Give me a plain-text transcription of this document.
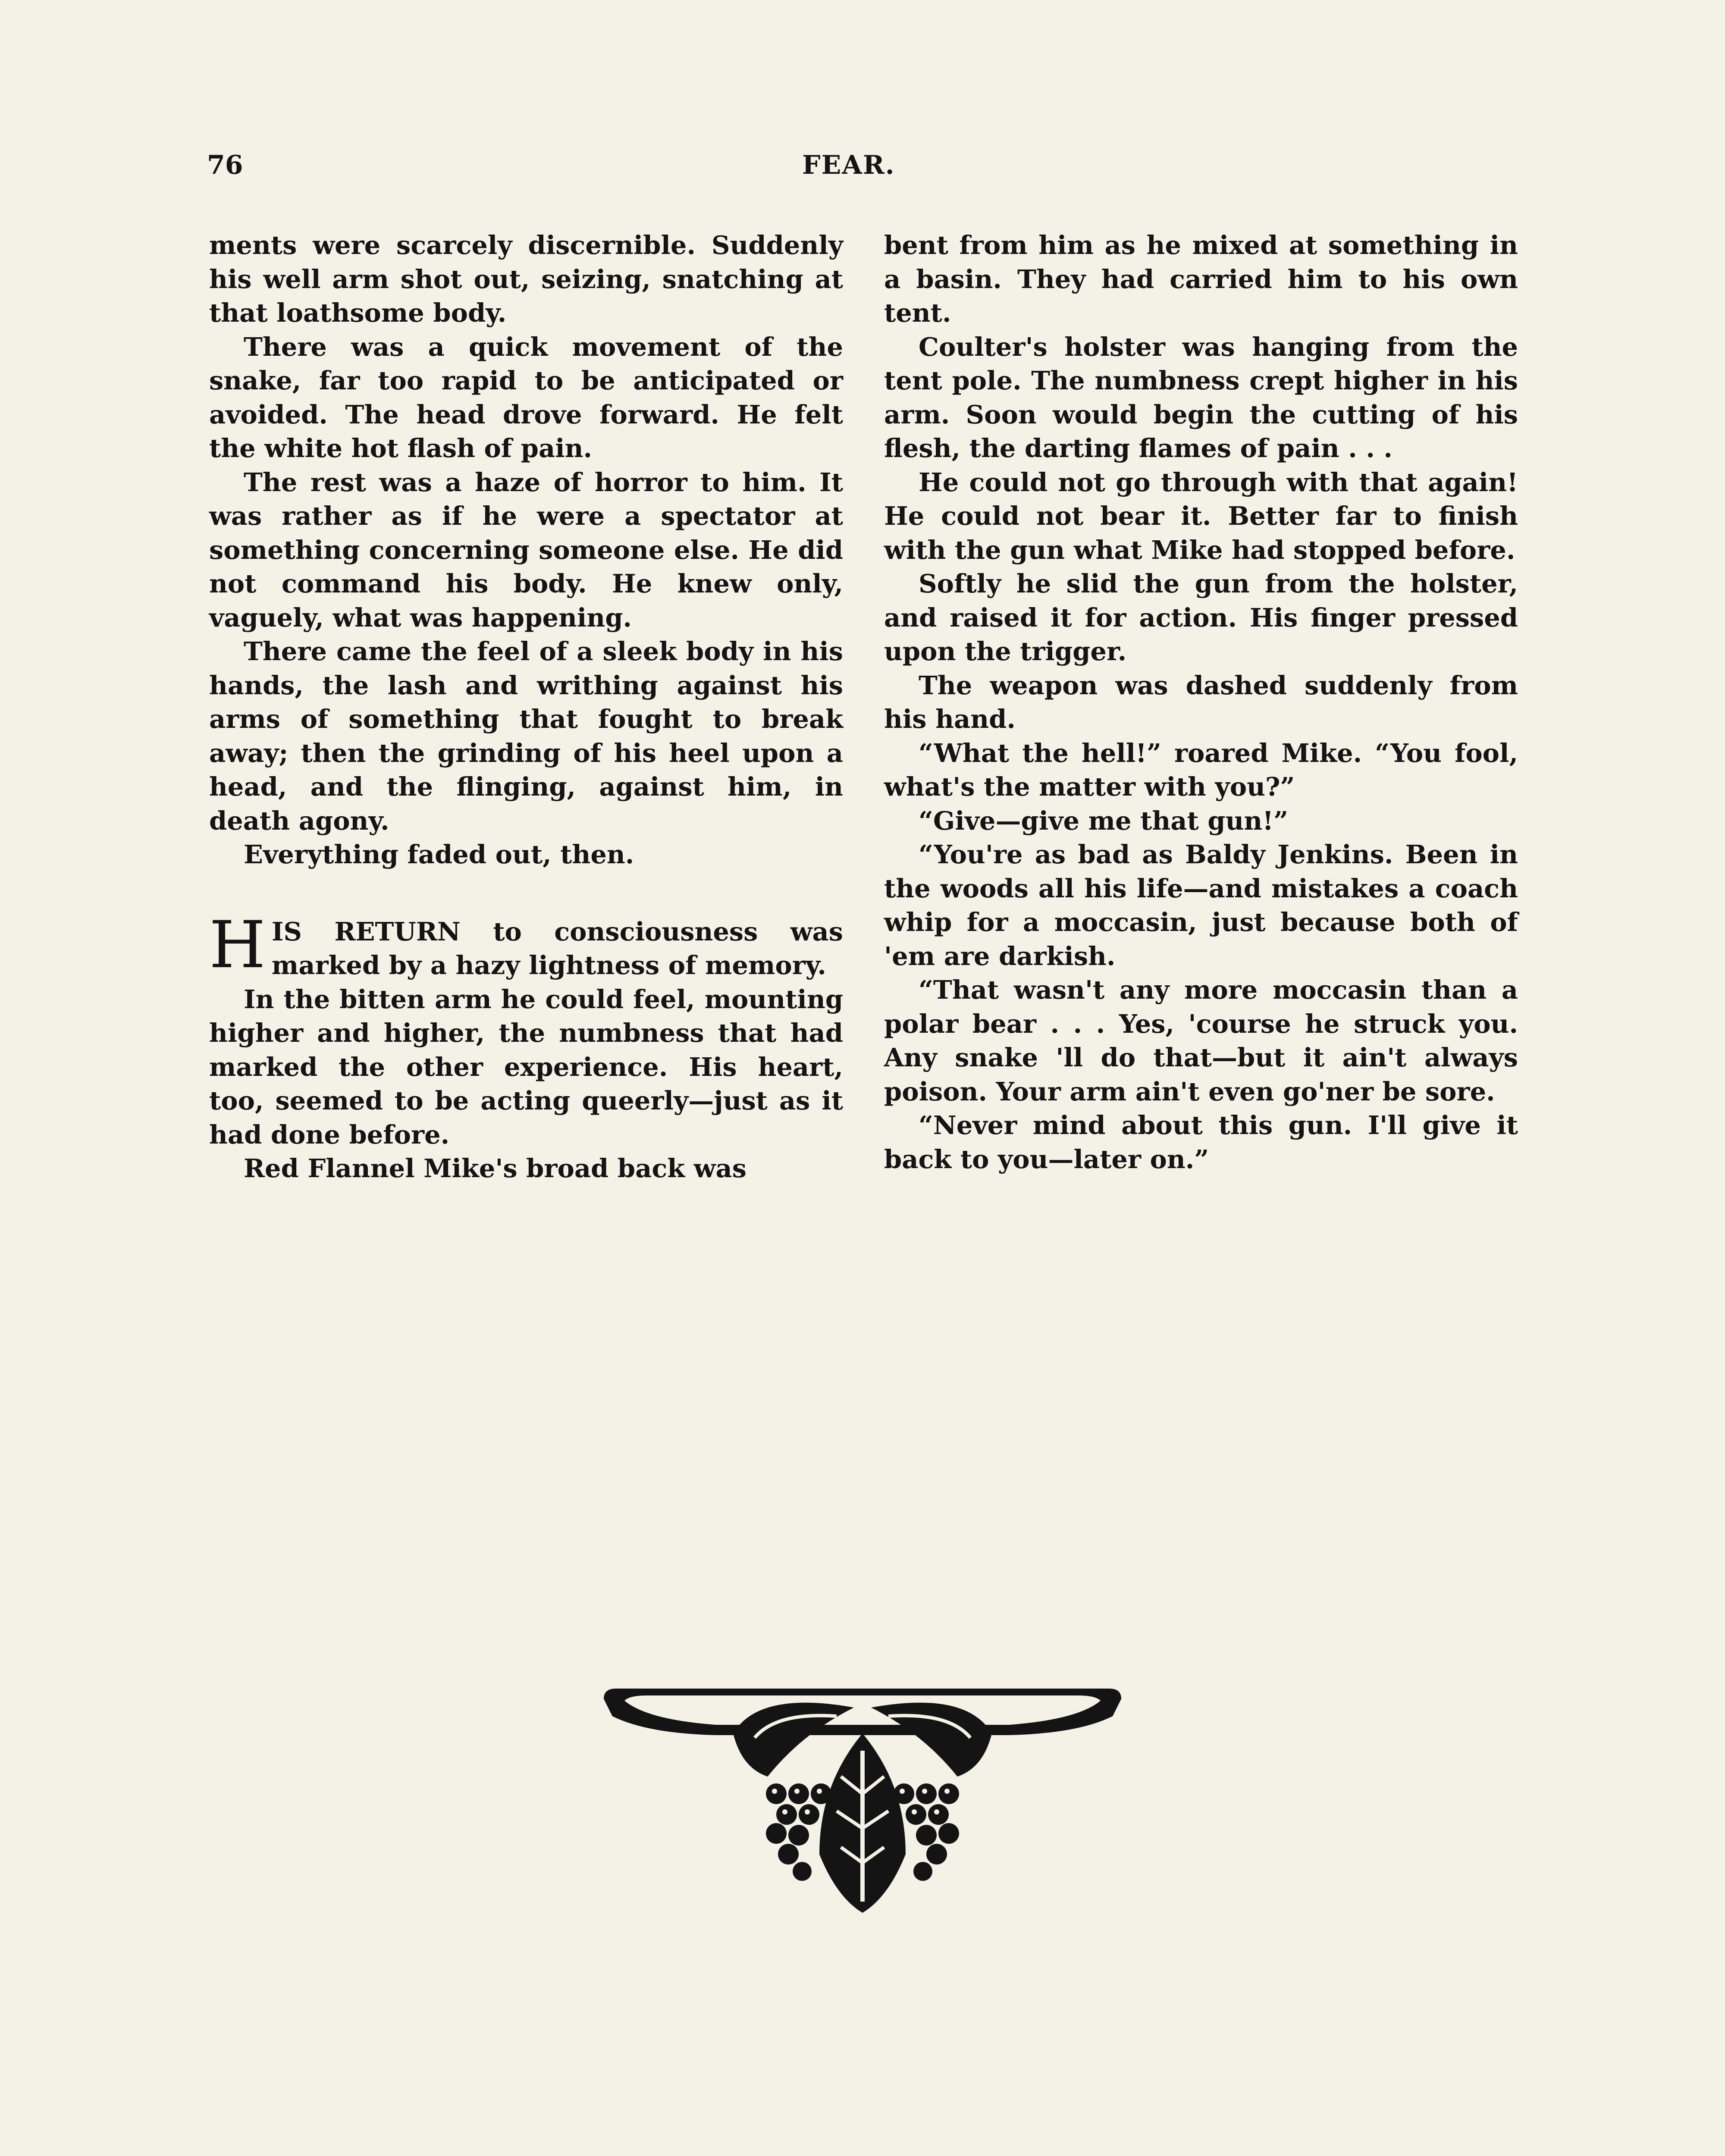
76	FEAR.

ments were scarcely discernible. Suddenly his well arm shot out, seizing, snatching at that loathsome body.

There was a quick movement of the snake, far too rapid to be anticipated or avoided. The head drove forward. He felt the white hot flash of pain.

The rest was a haze of horror to him. It was rather as if he were a spectator at something concerning someone else. He did not command his body. He knew only, vaguely, what was happening.

There came the feel of a sleek body in his hands, the lash and writhing against his arms of something that fought to break away; then the grinding of his heel upon a head, and the flinging, against him, in death agony.

Everything faded out, then.

HIS RETURN to consciousness was marked by a hazy lightness of memory.

In the bitten arm he could feel, mounting higher and higher, the numbness that had marked the other experience. His heart, too, seemed to be acting queerly—just as it had done before.

Red Flannel Mike's broad back was

bent from him as he mixed at something in a basin. They had carried him to his own tent.

Coulter's holster was hanging from the tent pole. The numbness crept higher in his arm. Soon would begin the cutting of his flesh, the darting flames of pain . . .

He could not go through with that again! He could not bear it. Better far to finish with the gun what Mike had stopped before.

Softly he slid the gun from the holster, and raised it for action. His finger pressed upon the trigger.

The weapon was dashed suddenly from his hand.

“What the hell!” roared Mike. “You fool, what's the matter with you?”

“Give—give me that gun!”

“You're as bad as Baldy Jenkins. Been in the woods all his life—and mistakes a coach whip for a moccasin, just because both of 'em are darkish.

“That wasn't any more moccasin than a polar bear . . . Yes, 'course he struck you. Any snake 'll do that—but it ain't always poison. Your arm ain't even go'ner be sore.

“Never mind about this gun. I'll give it back to you—later on.”
